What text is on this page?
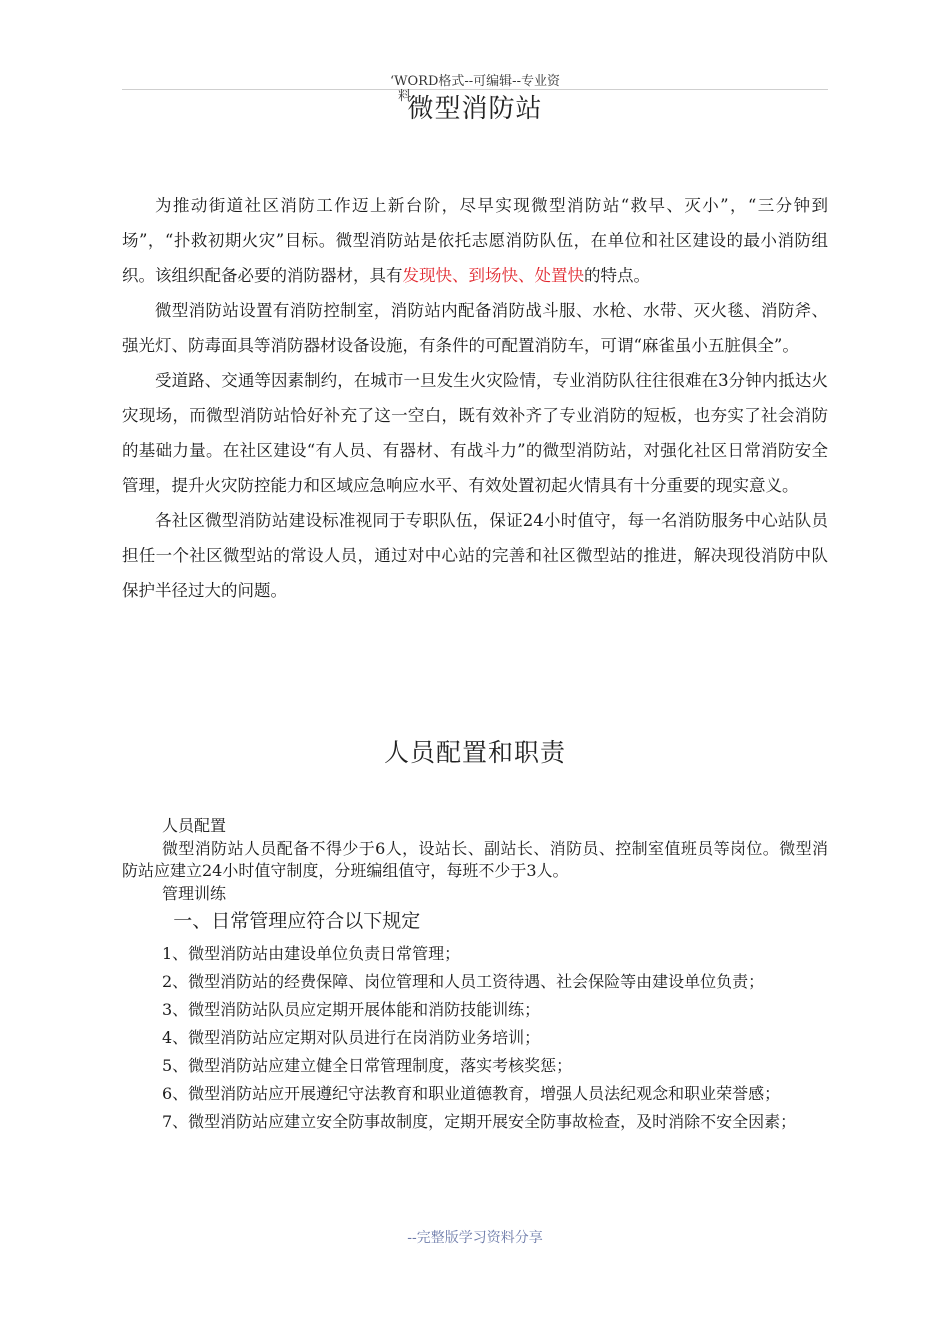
‘WORD格式--可编辑--专业资
料
微型消防站

为推动街道社区消防工作迈上新台阶，尽早实现微型消防站“救早、灭小”，“三分钟到场”，“扑救初期火灾”目标。微型消防站是依托志愿消防队伍，在单位和社区建设的最小消防组织。该组织配备必要的消防器材，具有发现快、到场快、处置快的特点。

微型消防站设置有消防控制室，消防站内配备消防战斗服、水枪、水带、灭火毯、消防斧、强光灯、防毒面具等消防器材设备设施，有条件的可配置消防车，可谓“麻雀虽小五脏俱全”。

受道路、交通等因素制约，在城市一旦发生火灾险情，专业消防队往往很难在3分钟内抵达火灾现场，而微型消防站恰好补充了这一空白，既有效补齐了专业消防的短板，也夯实了社会消防的基础力量。在社区建设“有人员、有器材、有战斗力”的微型消防站，对强化社区日常消防安全管理，提升火灾防控能力和区域应急响应水平、有效处置初起火情具有十分重要的现实意义。

各社区微型消防站建设标准视同于专职队伍，保证24小时值守，每一名消防服务中心站队员担任一个社区微型站的常设人员，通过对中心站的完善和社区微型站的推进，解决现役消防中队保护半径过大的问题。

人员配置和职责

人员配置

微型消防站人员配备不得少于6人，设站长、副站长、消防员、控制室值班员等岗位。微型消防站应建立24小时值守制度，分班编组值守，每班不少于3人。

管理训练

一、日常管理应符合以下规定

1、微型消防站由建设单位负责日常管理；

2、微型消防站的经费保障、岗位管理和人员工资待遇、社会保险等由建设单位负责；

3、微型消防站队员应定期开展体能和消防技能训练；

4、微型消防站应定期对队员进行在岗消防业务培训；

5、微型消防站应建立健全日常管理制度，落实考核奖惩；

6、微型消防站应开展遵纪守法教育和职业道德教育，增强人员法纪观念和职业荣誉感；

7、微型消防站应建立安全防事故制度，定期开展安全防事故检查，及时消除不安全因素；

--完整版学习资料分享
